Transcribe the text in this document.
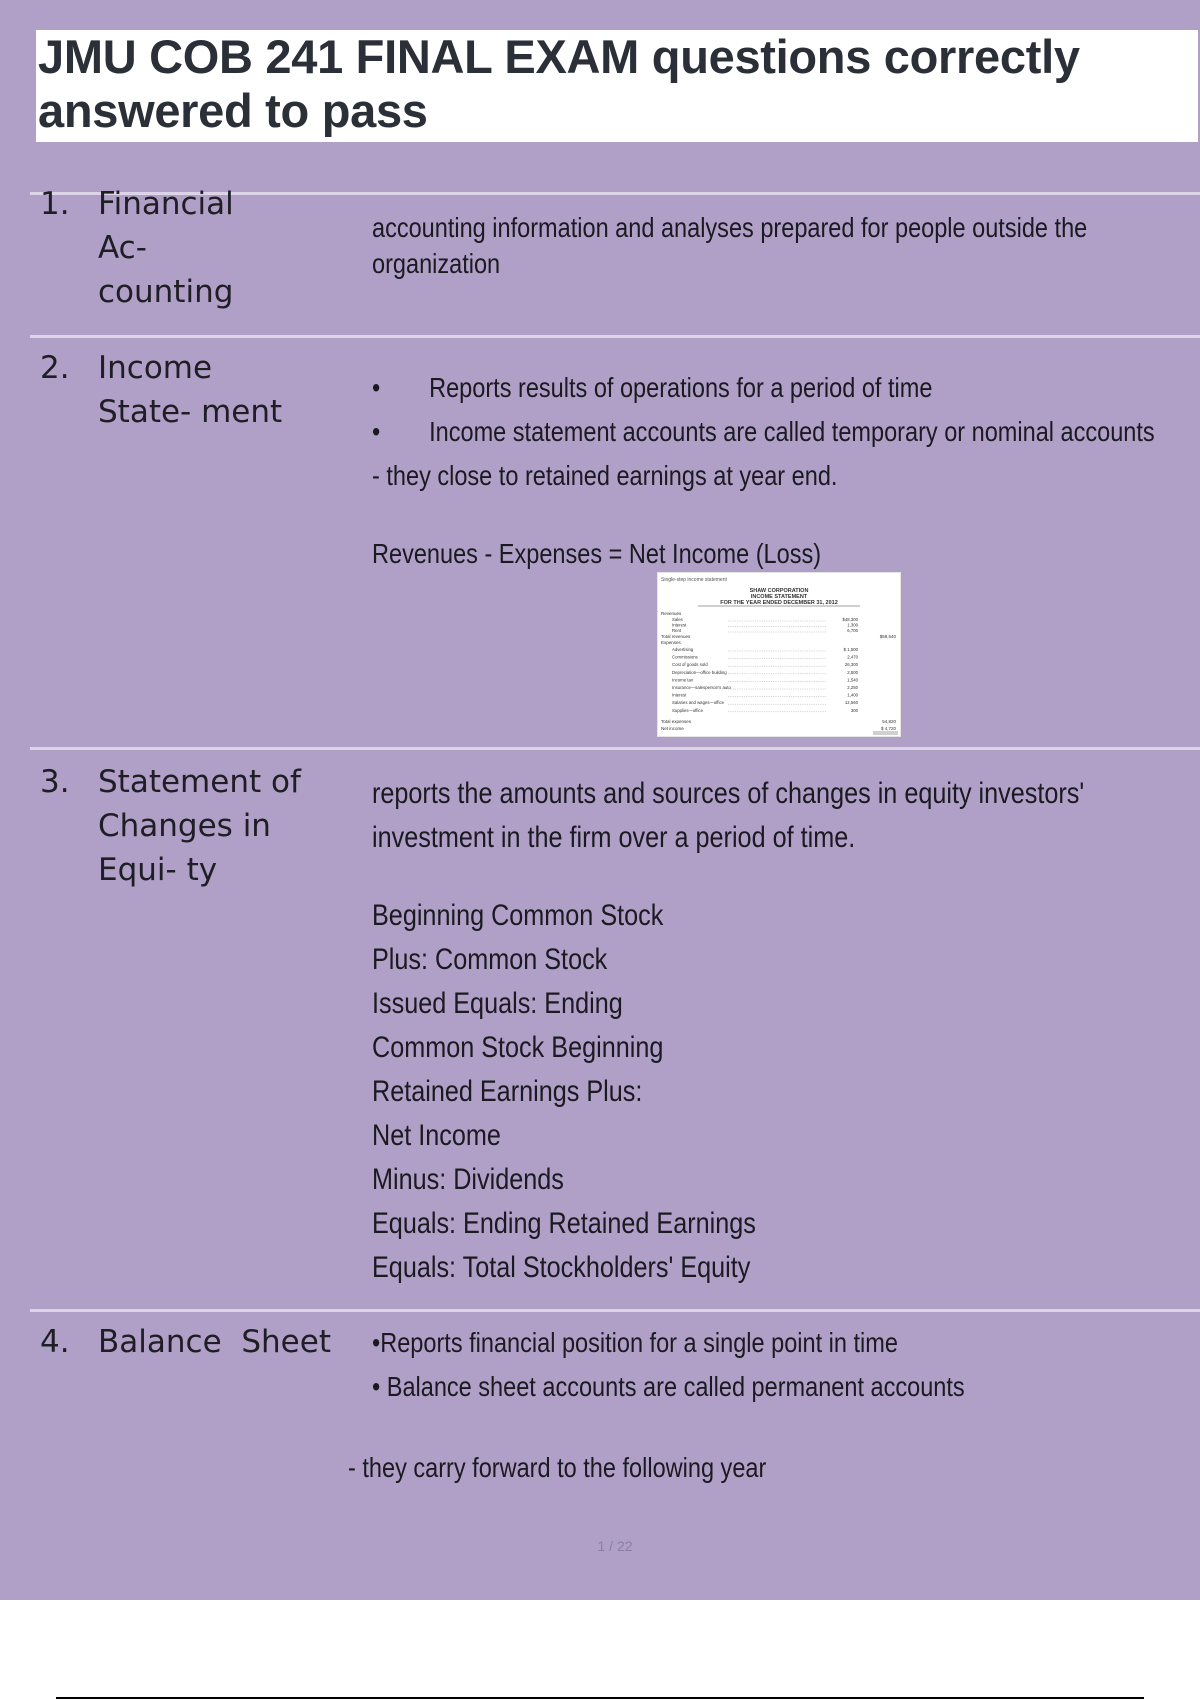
JMU COB 241 FINAL EXAM questions correctly answered to pass
1. Financial
Ac-
counting
accounting information and analyses prepared for people outside the
organization
2. Income
State- ment
• Reports results of operations for a period of time
• Income statement accounts are called temporary or nominal accounts
- they close to retained earnings at year end.
Revenues - Expenses = Net Income (Loss)
Single-step income statement
SHAW CORPORATION
INCOME STATEMENT
FOR THE YEAR ENDED DECEMBER 31, 2012
Revenues
Sales	$48,300
Interest	1,300
Rent	6,700
Total revenues	$59,540
Expenses
Advertising	$ 1,500
Commissions	2,470
Cost of goods sold	26,300
Depreciation—office building	2,500
Income tax	1,540
Insurance—salesperson's auto	2,250
Interest	1,400
Salaries and wages—office	12,560
Supplies—office	300
Total expenses	54,820
Net income	$ 4,720
3. Statement of
Changes in
Equi- ty
reports the amounts and sources of changes in equity investors'
investment in the firm over a period of time.
Beginning Common Stock
Plus: Common Stock
Issued Equals: Ending
Common Stock Beginning
Retained Earnings Plus:
Net Income
Minus: Dividends
Equals: Ending Retained Earnings
Equals: Total Stockholders' Equity
4. Balance  Sheet	•Reports financial position for a single point in time
• Balance sheet accounts are called permanent accounts
- they carry forward to the following year
1 / 22
